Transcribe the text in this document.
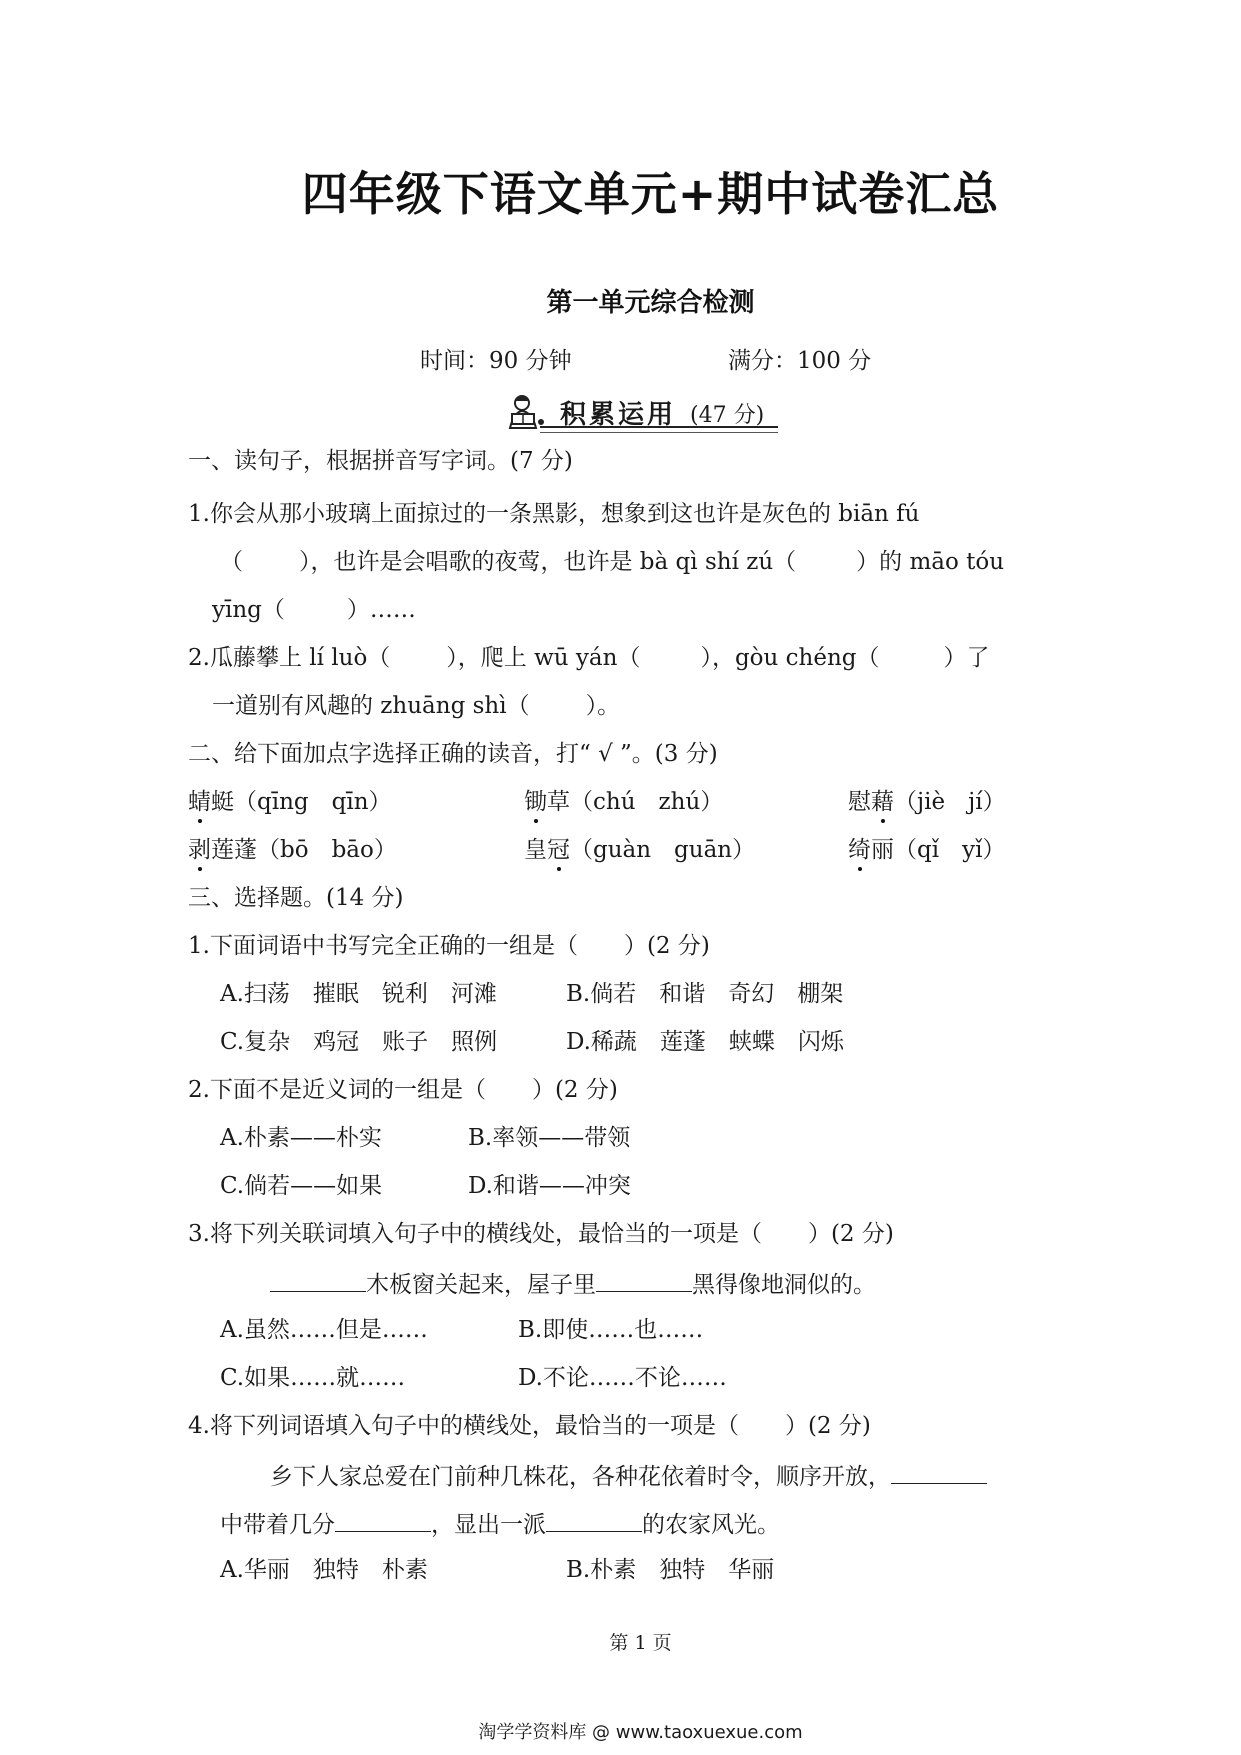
四年级下语文单元+期中试卷汇总
第一单元综合检测
时间：90 分钟	满分：100 分
积累运用 (47 分)
一、读句子，根据拼音写字词。(7 分)
1.你会从那小玻璃上面掠过的一条黑影，想象到这也许是灰色的 biān fú
（ ），也许是会唱歌的夜莺，也许是 bà qì shí zú（	）的 māo tóu
yīng（	）……
2.瓜藤攀上 lí luò（ ），爬上 wū yán（	），gòu chéng（	）了
一道别有风趣的 zhuāng shì（ ）。
二、给下面加点字选择正确的读音，打“ √ ”。(3 分)
蜻蜓（qīng　qīn）	锄草（chú　zhú）	慰藉（jiè　jí）
剥莲蓬（bō　bāo）	皇冠（guàn　guān）	绮丽（qǐ　yǐ）
三、选择题。(14 分)
1.下面词语中书写完全正确的一组是（　　）(2 分)
A.扫荡　摧眠　锐利　河滩	B.倘若　和谐　奇幻　棚架
C.复杂　鸡冠　账子　照例	D.稀蔬　莲蓬　蛱蝶　闪烁
2.下面不是近义词的一组是（　　）(2 分)
A.朴素——朴实	B.率领——带领
C.倘若——如果	D.和谐——冲突
3.将下列关联词填入句子中的横线处，最恰当的一项是（　　）(2 分)
木板窗关起来，屋子里	黑得像地洞似的。
A.虽然……但是……	B.即使……也……
C.如果……就……	D.不论……不论……
4.将下列词语填入句子中的横线处，最恰当的一项是（　　）(2 分)
乡下人家总爱在门前种几株花，各种花依着时令，顺序开放，
中带着几分	，显出一派	的农家风光。
A.华丽　独特　朴素	B.朴素　独特　华丽
第 1 页
淘学学资料库 @ www.taoxuexue.com
